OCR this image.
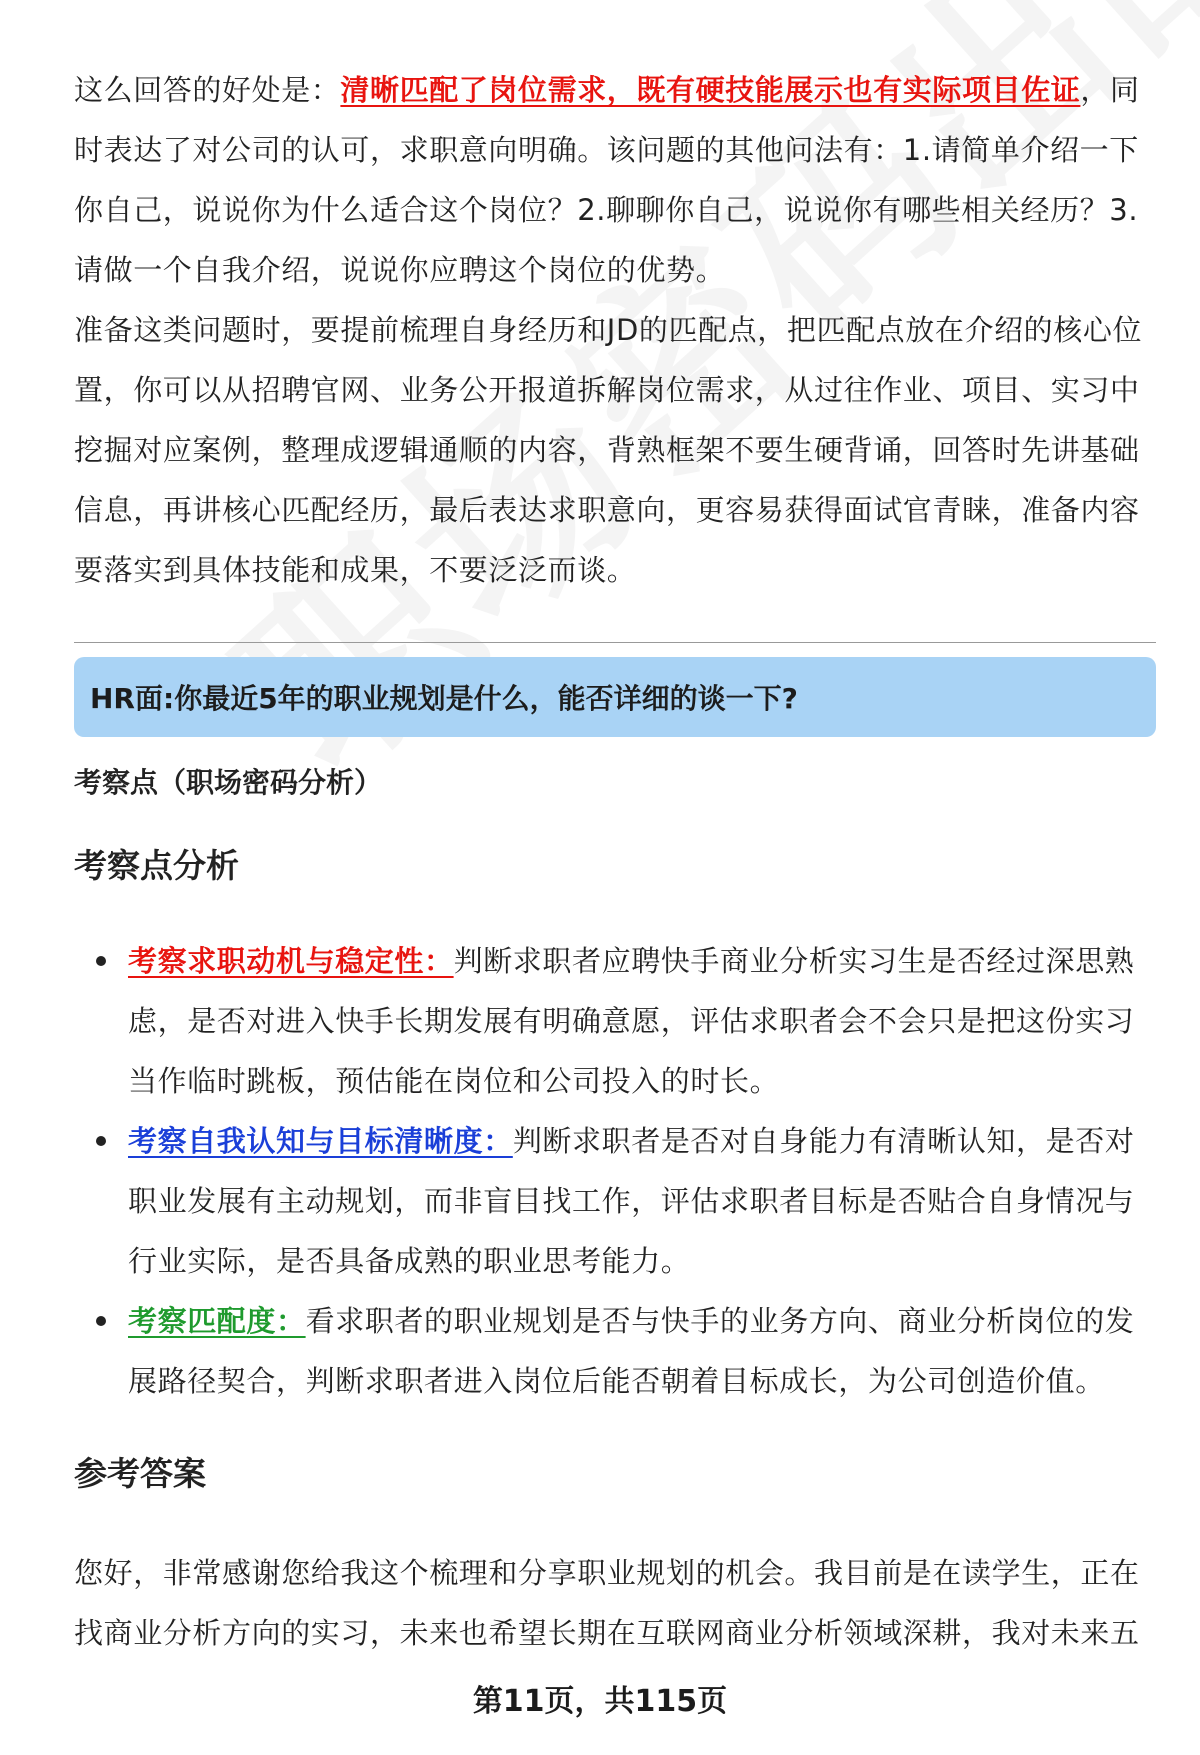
这么回答的好处是：清晰匹配了岗位需求，既有硬技能展示也有实际项目佐证，同时表达了对公司的认可，求职意向明确。该问题的其他问法有：1.请简单介绍一下你自己，说说你为什么适合这个岗位？2.聊聊你自己，说说你有哪些相关经历？3.请做一个自我介绍，说说你应聘这个岗位的优势。

准备这类问题时，要提前梳理自身经历和JD的匹配点，把匹配点放在介绍的核心位置，你可以从招聘官网、业务公开报道拆解岗位需求，从过往作业、项目、实习中挖掘对应案例，整理成逻辑通顺的内容，背熟框架不要生硬背诵，回答时先讲基础信息，再讲核心匹配经历，最后表达求职意向，更容易获得面试官青睐，准备内容要落实到具体技能和成果，不要泛泛而谈。

HR面:你最近5年的职业规划是什么，能否详细的谈一下?
考察点（职场密码分析）
考察点分析
考察求职动机与稳定性：判断求职者应聘快手商业分析实习生是否经过深思熟虑，是否对进入快手长期发展有明确意愿，评估求职者会不会只是把这份实习当作临时跳板，预估能在岗位和公司投入的时长。
考察自我认知与目标清晰度：判断求职者是否对自身能力有清晰认知，是否对职业发展有主动规划，而非盲目找工作，评估求职者目标是否贴合自身情况与行业实际，是否具备成熟的职业思考能力。
考察匹配度：看求职者的职业规划是否与快手的业务方向、商业分析岗位的发展路径契合，判断求职者进入岗位后能否朝着目标成长，为公司创造价值。
参考答案

您好，非常感谢您给我这个梳理和分享职业规划的机会。我目前是在读学生，正在找商业分析方向的实习，未来也希望长期在互联网商业分析领域深耕，我对未来五

第11页，共115页
